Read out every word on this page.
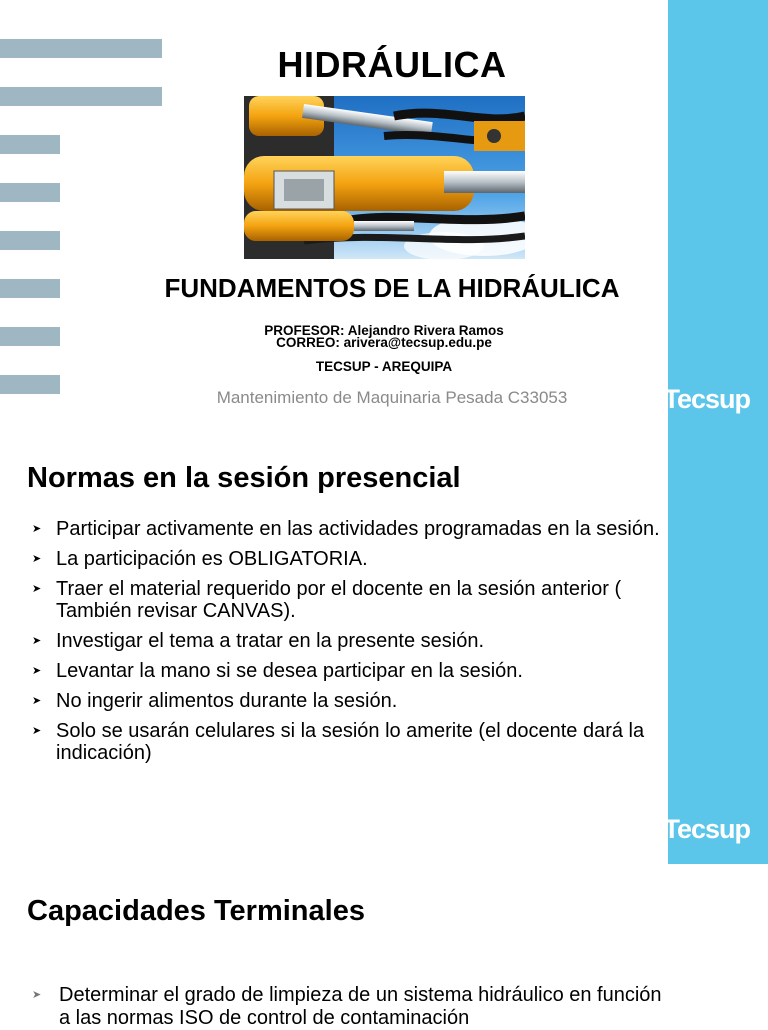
Tecsup
HIDRÁULICA
FUNDAMENTOS DE LA HIDRÁULICA
PROFESOR: Alejandro Rivera Ramos
CORREO: arivera@tecsup.edu.pe
TECSUP - AREQUIPA
Mantenimiento de Maquinaria Pesada C33053
Tecsup
Normas en la sesión presencial
➤ Participar activamente en las actividades programadas en la sesión.
➤ La participación es OBLIGATORIA.
➤ Traer el material requerido por el docente en la sesión anterior ( También revisar CANVAS).
➤ Investigar el tema a tratar en la presente sesión.
➤ Levantar la mano si se desea participar en la sesión.
➤ No ingerir alimentos durante la sesión.
➤ Solo se usarán celulares si la sesión lo amerite (el docente dará la indicación)
Capacidades Terminales
➤ Determinar el grado de limpieza de un sistema hidráulico en función a las normas ISO de control de contaminación
